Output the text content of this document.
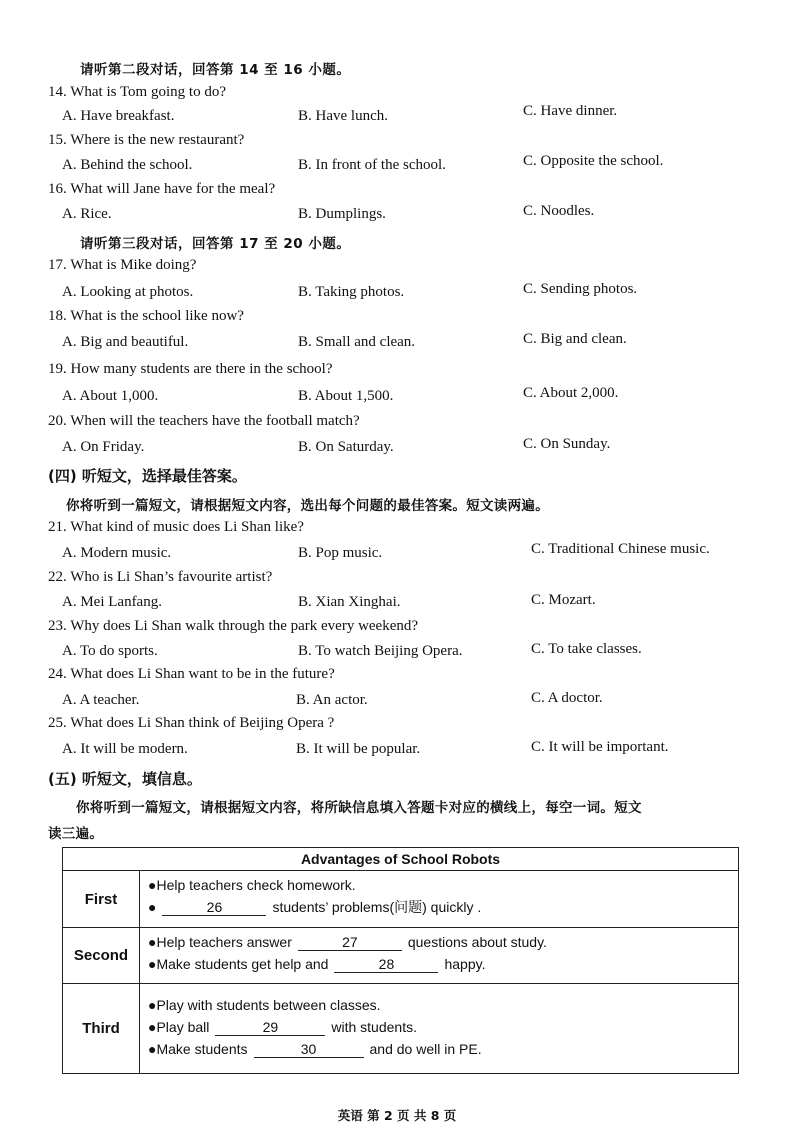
请听第二段对话，回答第 14 至 16 小题。
14. What is Tom going to do?
A. Have breakfast.	B. Have lunch.	C. Have dinner.
15. Where is the new restaurant?
A. Behind the school.	B. In front of the school.	C. Opposite the school.
16. What will Jane have for the meal?
A. Rice.	B. Dumplings.	C. Noodles.
请听第三段对话，回答第 17 至 20 小题。
17. What is Mike doing?
A. Looking at photos.	B. Taking photos.	C. Sending photos.
18. What is the school like now?
A. Big and beautiful.	B. Small and clean.	C. Big and clean.
19. How many students are there in the school?
A. About 1,000.	B. About 1,500.	C. About 2,000.
20. When will the teachers have the football match?
A. On Friday.	B. On Saturday.	C. On Sunday.
(四) 听短文，选择最佳答案。
你将听到一篇短文，请根据短文内容，选出每个问题的最佳答案。短文读两遍。
21. What kind of music does Li Shan like?
A. Modern music.	B. Pop music.	C. Traditional Chinese music.
22. Who is Li Shan’s favourite artist?
A. Mei Lanfang.	B. Xian Xinghai.	C. Mozart.
23. Why does Li Shan walk through the park every weekend?
A. To do sports.	B. To watch Beijing Opera.	C. To take classes.
24. What does Li Shan want to be in the future?
A. A teacher.	B. An actor.	C. A doctor.
25. What does Li Shan think of Beijing Opera ?
A. It will be modern.	B. It will be popular.	C. It will be important.
(五) 听短文，填信息。
你将听到一篇短文，请根据短文内容，将所缺信息填入答题卡对应的横线上，每空一词。短文
读三遍。
Advantages of School Robots	
First	●Help teachers check homework.
● 26 students’ problems(问题) quickly .

Second	●Help teachers answer 27 questions about study.
●Make students get help and 28 happy.

Third	●Play with students between classes.
●Play ball 29 with students.
●Make students 30 and do well in PE.
英语 第 2 页 共 8 页
